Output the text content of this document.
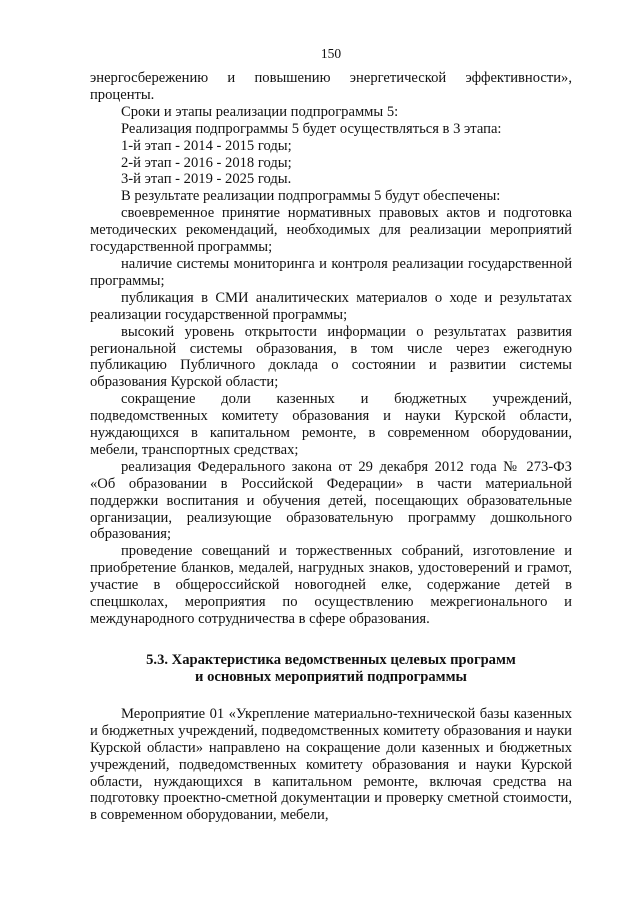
150

энергосбережению и повышению энергетической эффективности», проценты.

Сроки и этапы реализации подпрограммы 5:

Реализация подпрограммы 5 будет осуществляться в 3 этапа:

1-й этап - 2014 - 2015 годы;

2-й этап - 2016 - 2018 годы;

3-й этап - 2019 - 2025 годы.

В результате реализации подпрограммы 5 будут обеспечены:

своевременное принятие нормативных правовых актов и подготовка методических рекомендаций, необходимых для реализации мероприятий государственной программы;

наличие системы мониторинга и контроля реализации государственной программы;

публикация в СМИ аналитических материалов о ходе и результатах реализации государственной программы;

высокий уровень открытости информации о результатах развития региональной системы образования, в том числе через ежегодную публикацию Публичного доклада о состоянии и развитии системы образования Курской области;

сокращение доли казенных и бюджетных учреждений, подведомственных комитету образования и науки Курской области, нуждающихся в капитальном ремонте, в современном оборудовании, мебели, транспортных средствах;

реализация Федерального закона от 29 декабря 2012 года № 273-ФЗ «Об образовании в Российской Федерации» в части материальной поддержки воспитания и обучения детей, посещающих образовательные организации, реализующие образовательную программу дошкольного образования;

проведение совещаний и торжественных собраний, изготовление и приобретение бланков, медалей, нагрудных знаков, удостоверений и грамот, участие в общероссийской новогодней елке, содержание детей в спецшколах, мероприятия по осуществлению межрегионального и международного сотрудничества в сфере образования.

5.3. Характеристика ведомственных целевых программ
и основных мероприятий подпрограммы

Мероприятие 01 «Укрепление материально-технической базы казенных и бюджетных учреждений, подведомственных комитету образования и науки Курской области» направлено на сокращение доли казенных и бюджетных учреждений, подведомственных комитету образования и науки Курской области, нуждающихся в капитальном ремонте, включая средства на подготовку проектно-сметной документации и проверку сметной стоимости, в современном оборудовании, мебели,
